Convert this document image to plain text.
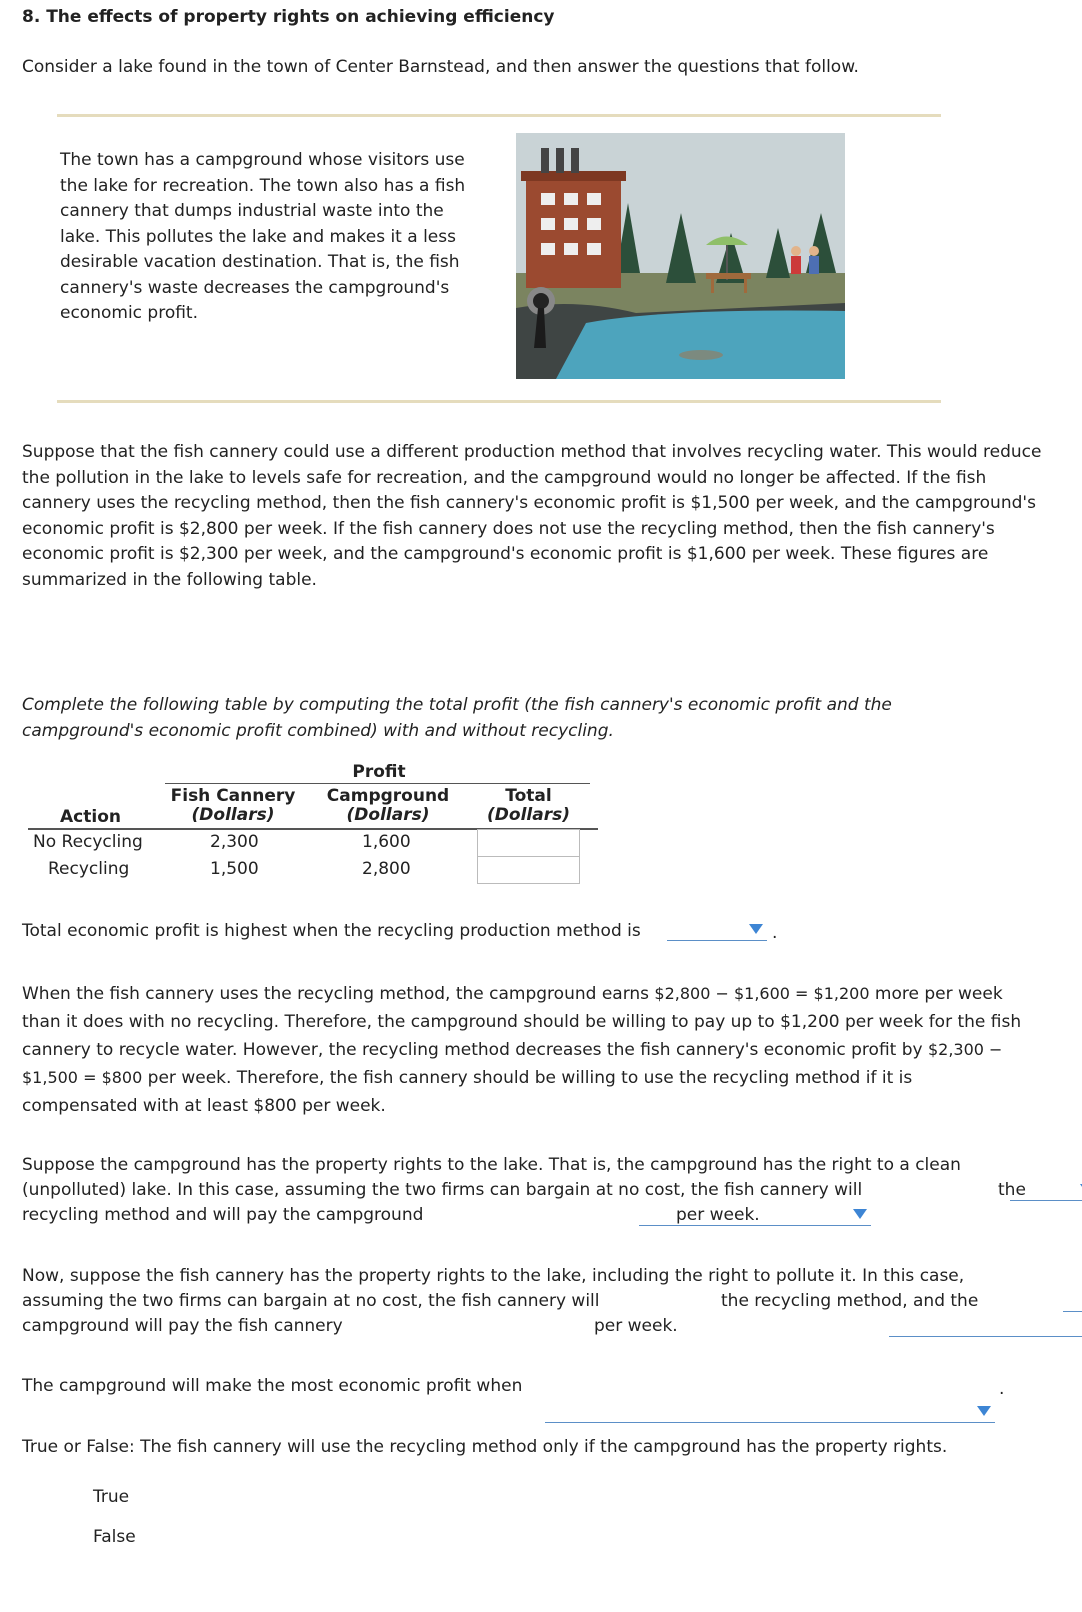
8. The effects of property rights on achieving efficiency
Consider a lake found in the town of Center Barnstead, and then answer the questions that follow.
The town has a campground whose visitors use the lake for recreation. The town also has a fish cannery that dumps industrial waste into the lake. This pollutes the lake and makes it a less desirable vacation destination. That is, the fish cannery's waste decreases the campground's economic profit.
Suppose that the fish cannery could use a different production method that involves recycling water. This would reduce the pollution in the lake to levels safe for recreation, and the campground would no longer be affected. If the fish cannery uses the recycling method, then the fish cannery's economic profit is $1,500 per week, and the campground's economic profit is $2,800 per week. If the fish cannery does not use the recycling method, then the fish cannery's economic profit is $2,300 per week, and the campground's economic profit is $1,600 per week. These figures are summarized in the following table.
Complete the following table by computing the total profit (the fish cannery's economic profit and the campground's economic profit combined) with and without recycling.
Profit
Action
Fish Cannery
(Dollars)
Campground
(Dollars)
Total
(Dollars)
No Recycling	2,300	1,600
Recycling	1,500	2,800
Total economic profit is highest when the recycling production method is
	.
When the fish cannery uses the recycling method, the campground earns $2,800 − $1,600 = $1,200 more per week than it does with no recycling. Therefore, the campground should be willing to pay up to $1,200 per week for the fish cannery to recycle water. However, the recycling method decreases the fish cannery's economic profit by $2,300 − $1,500 = $800 per week. Therefore, the fish cannery should be willing to use the recycling method if it is compensated with at least $800 per week.
Suppose the campground has the property rights to the lake. That is, the campground has the right to a clean
(unpolluted) lake. In this case, assuming the two firms can bargain at no cost, the fish cannery will
	the
recycling method and will pay the campground
	per week.
Now, suppose the fish cannery has the property rights to the lake, including the right to pollute it. In this case,
assuming the two firms can bargain at no cost, the fish cannery will
	the recycling method, and the
campground will pay the fish cannery
	per week.
The campground will make the most economic profit when	.
True or False: The fish cannery will use the recycling method only if the campground has the property rights.
True
False
